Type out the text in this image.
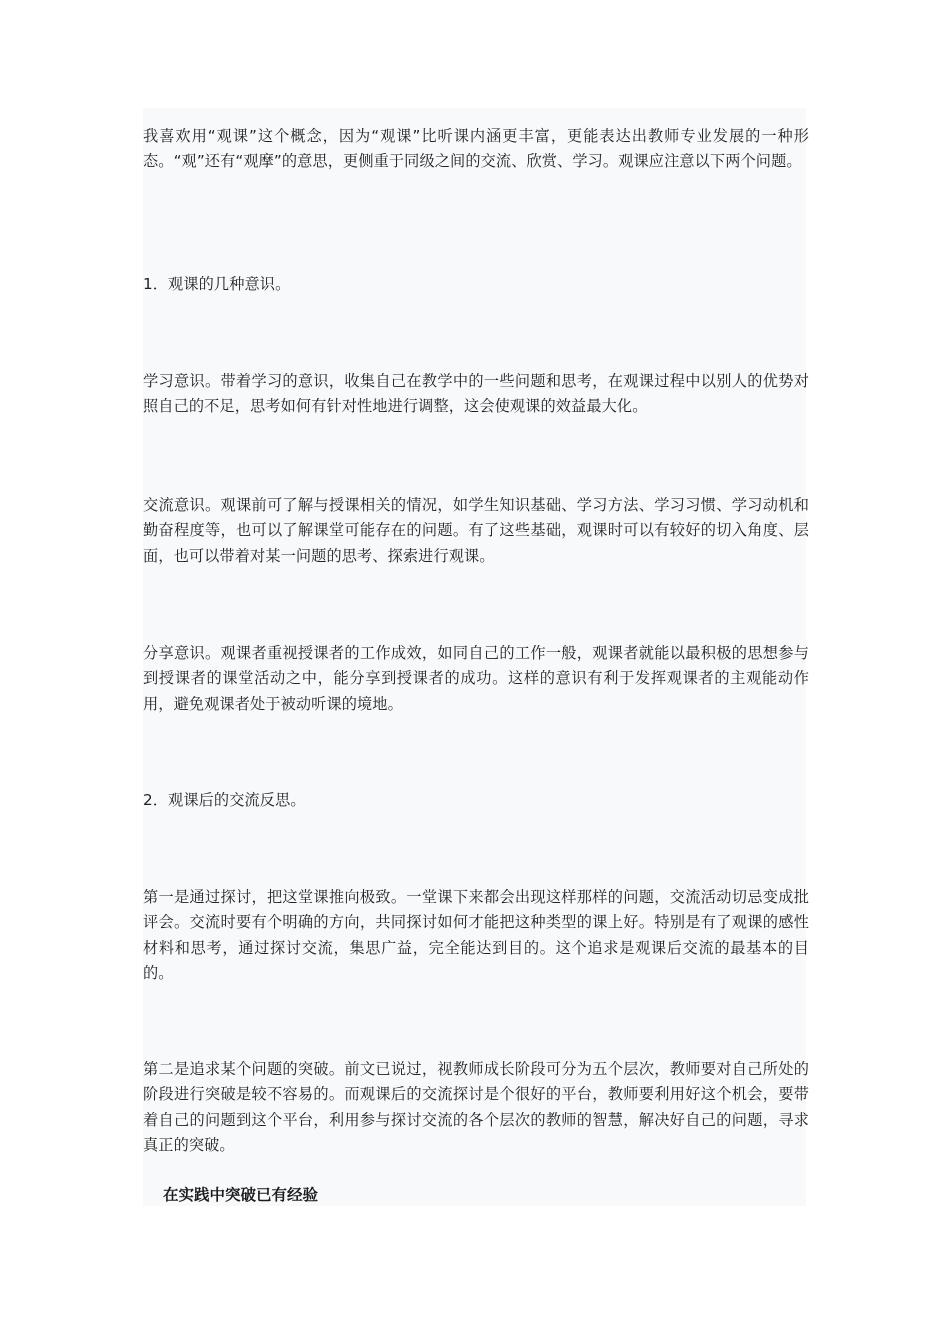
我喜欢用“观课”这个概念，因为“观课”比听课内涵更丰富，更能表达出教师专业发展的一种形态。“观”还有“观摩”的意思，更侧重于同级之间的交流、欣赏、学习。观课应注意以下两个问题。

1．观课的几种意识。

学习意识。带着学习的意识，收集自己在教学中的一些问题和思考，在观课过程中以别人的优势对照自己的不足，思考如何有针对性地进行调整，这会使观课的效益最大化。

交流意识。观课前可了解与授课相关的情况，如学生知识基础、学习方法、学习习惯、学习动机和勤奋程度等，也可以了解课堂可能存在的问题。有了这些基础，观课时可以有较好的切入角度、层面，也可以带着对某一问题的思考、探索进行观课。

分享意识。观课者重视授课者的工作成效，如同自己的工作一般，观课者就能以最积极的思想参与到授课者的课堂活动之中，能分享到授课者的成功。这样的意识有利于发挥观课者的主观能动作用，避免观课者处于被动听课的境地。

2．观课后的交流反思。

第一是通过探讨，把这堂课推向极致。一堂课下来都会出现这样那样的问题，交流活动切忌变成批评会。交流时要有个明确的方向，共同探讨如何才能把这种类型的课上好。特别是有了观课的感性材料和思考，通过探讨交流，集思广益，完全能达到目的。这个追求是观课后交流的最基本的目的。

第二是追求某个问题的突破。前文已说过，视教师成长阶段可分为五个层次，教师要对自己所处的阶段进行突破是较不容易的。而观课后的交流探讨是个很好的平台，教师要利用好这个机会，要带着自己的问题到这个平台，利用参与探讨交流的各个层次的教师的智慧，解决好自己的问题，寻求真正的突破。

在实践中突破已有经验
